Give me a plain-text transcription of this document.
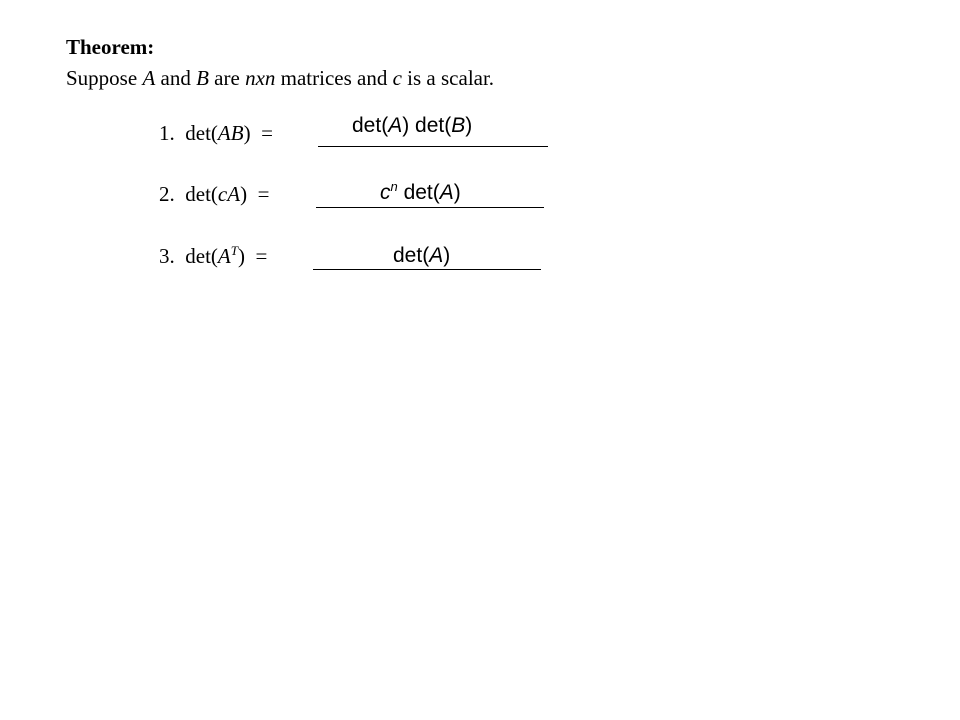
Theorem:
Suppose A and B are nxn matrices and c is a scalar.
1. det(AB) =	det(A) det(B)
2. det(cA) =	$c^n$ det(A)
3. $\det(A^T)$ =	det(A)
